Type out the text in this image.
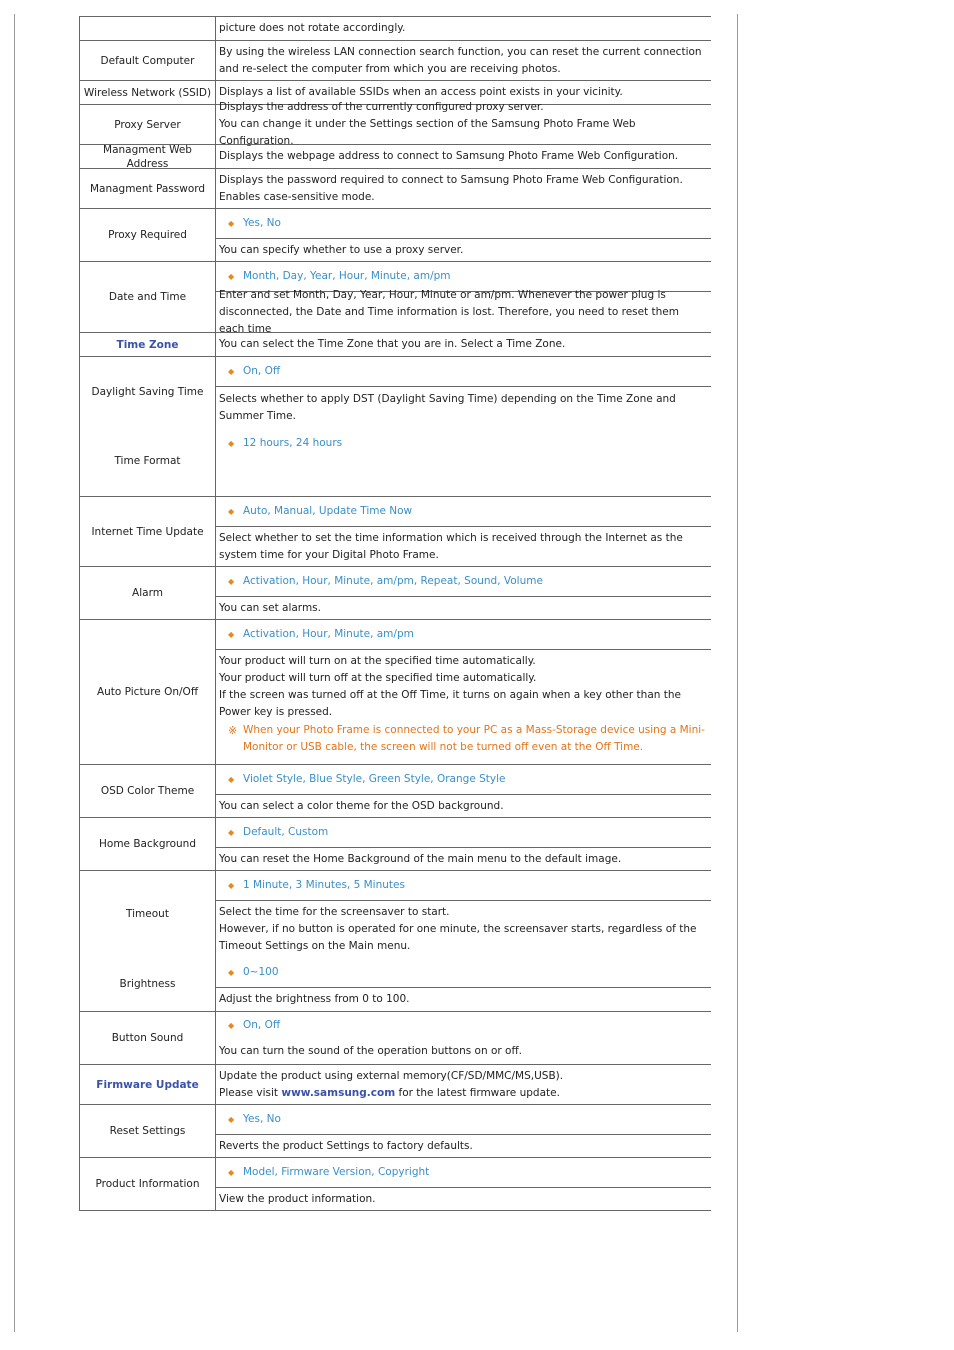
picture does not rotate accordingly.
Default Computer
By using the wireless LAN connection search function, you can reset the current connection and re-select the computer from which you are receiving photos.
Wireless Network (SSID) Displays a list of available SSIDs when an access point exists in your vicinity.
Proxy Server
Displays the address of the currently configured proxy server.
You can change it under the Settings section of the Samsung Photo Frame Web Configuration.
Managment Web Address
Displays the webpage address to connect to Samsung Photo Frame Web Configuration.
Managment Password
Displays the password required to connect to Samsung Photo Frame Web Configuration.
Enables case-sensitive mode.
Proxy Required
◆ Yes, No
You can specify whether to use a proxy server.
Date and Time
◆ Month, Day, Year, Hour, Minute, am/pm
Enter and set Month, Day, Year, Hour, Minute or am/pm. Whenever the power plug is disconnected, the Date and Time information is lost. Therefore, you need to reset them each time
Time Zone	You can select the Time Zone that you are in. Select a Time Zone.
Daylight Saving Time
Time Format
◆ On, Off
Selects whether to apply DST (Daylight Saving Time) depending on the Time Zone and Summer Time.
◆ 12 hours, 24 hours
Internet Time Update
◆ Auto, Manual, Update Time Now
Select whether to set the time information which is received through the Internet as the system time for your Digital Photo Frame.
Alarm
◆ Activation, Hour, Minute, am/pm, Repeat, Sound, Volume
You can set alarms.
Auto Picture On/Off
◆ Activation, Hour, Minute, am/pm
Your product will turn on at the specified time automatically.
Your product will turn off at the specified time automatically.
If the screen was turned off at the Off Time, it turns on again when a key other than the Power key is pressed.
※ When your Photo Frame is connected to your PC as a Mass-Storage device using a Mini-Monitor or USB cable, the screen will not be turned off even at the Off Time.
OSD Color Theme
◆ Violet Style, Blue Style, Green Style, Orange Style
You can select a color theme for the OSD background.
Home Background
◆ Default, Custom
You can reset the Home Background of the main menu to the default image.
Timeout
Brightness
◆ 1 Minute, 3 Minutes, 5 Minutes
Select the time for the screensaver to start.
However, if no button is operated for one minute, the screensaver starts, regardless of the Timeout Settings on the Main menu.
◆ 0~100
Adjust the brightness from 0 to 100.
Button Sound
◆ On, Off
You can turn the sound of the operation buttons on or off.
Firmware Update
Update the product using external memory(CF/SD/MMC/MS,USB).
Please visit www.samsung.com for the latest firmware update.
Reset Settings
◆ Yes, No
Reverts the product Settings to factory defaults.
Product Information
◆ Model, Firmware Version, Copyright
View the product information.
